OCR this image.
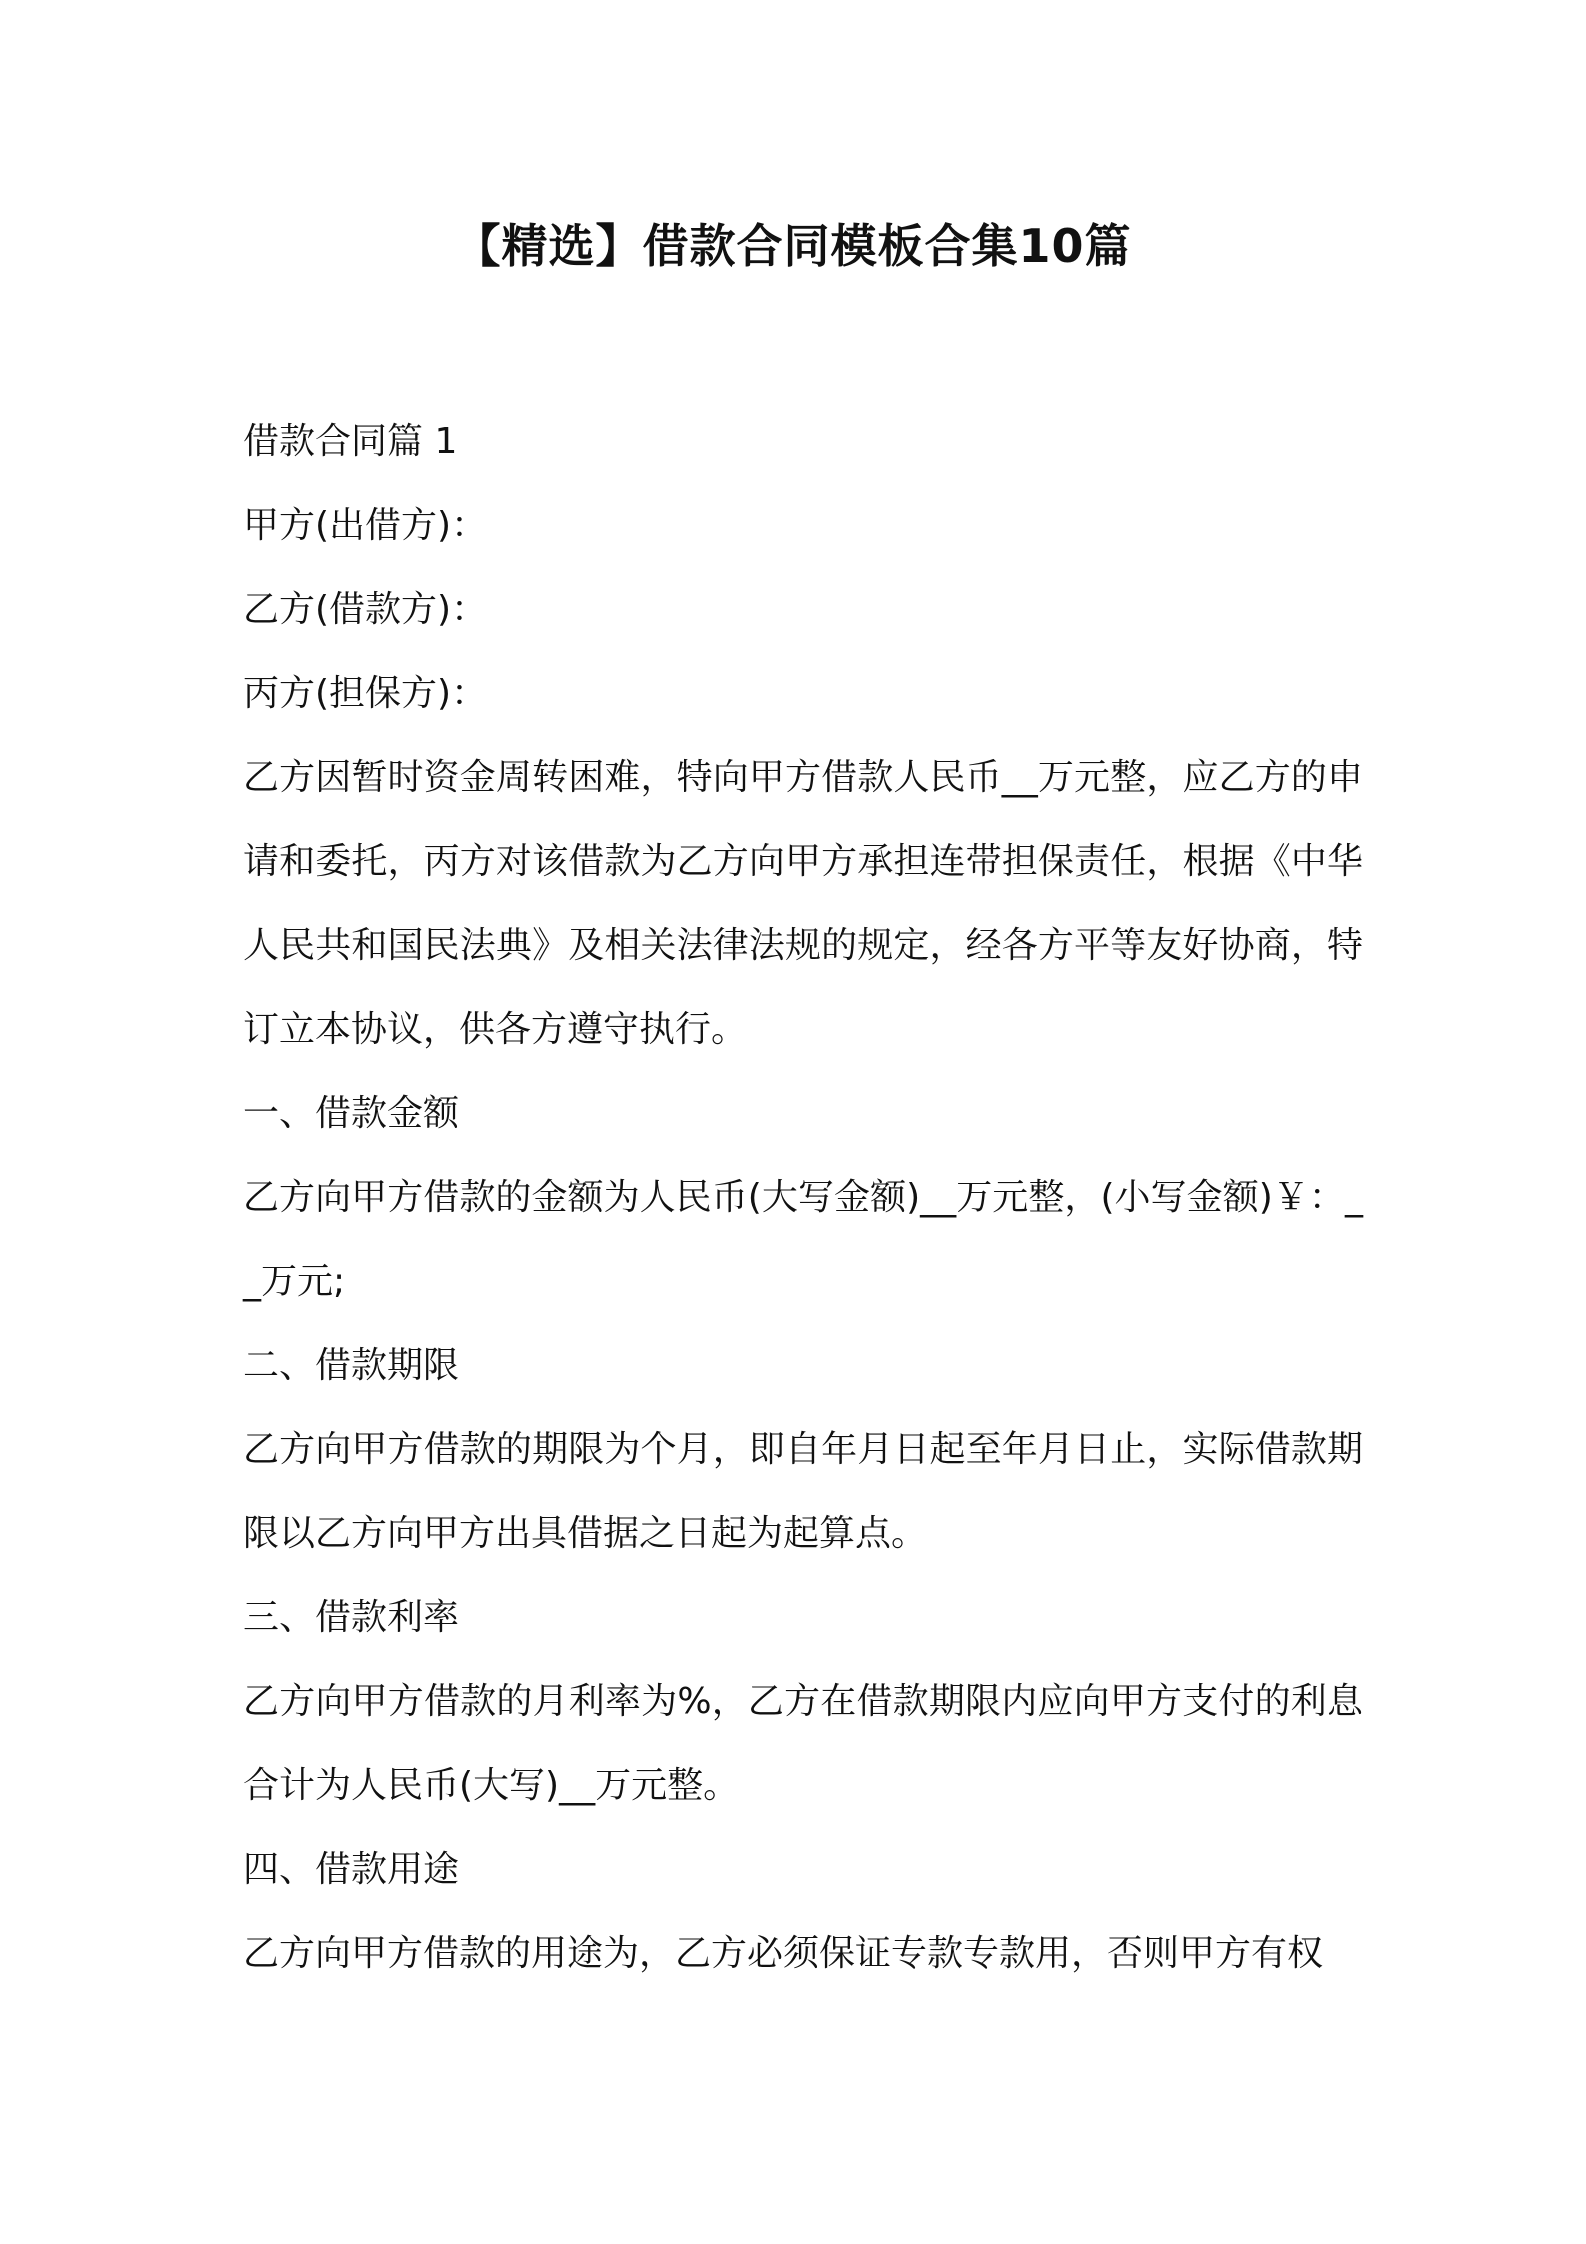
【精选】借款合同模板合集10篇

借款合同篇 1

甲方(出借方)：

乙方(借款方)：

丙方(担保方)：

乙方因暂时资金周转困难，特向甲方借款人民币__万元整，应乙方的申请和委托，丙方对该借款为乙方向甲方承担连带担保责任，根据《中华人民共和国民法典》及相关法律法规的规定，经各方平等友好协商，特订立本协议，供各方遵守执行。

一、借款金额

乙方向甲方借款的金额为人民币(大写金额)__万元整，(小写金额)￥：__万元;

二、借款期限

乙方向甲方借款的期限为个月，即自年月日起至年月日止，实际借款期限以乙方向甲方出具借据之日起为起算点。

三、借款利率

乙方向甲方借款的月利率为%，乙方在借款期限内应向甲方支付的利息合计为人民币(大写)__万元整。

四、借款用途

乙方向甲方借款的用途为，乙方必须保证专款专款用，否则甲方有权
